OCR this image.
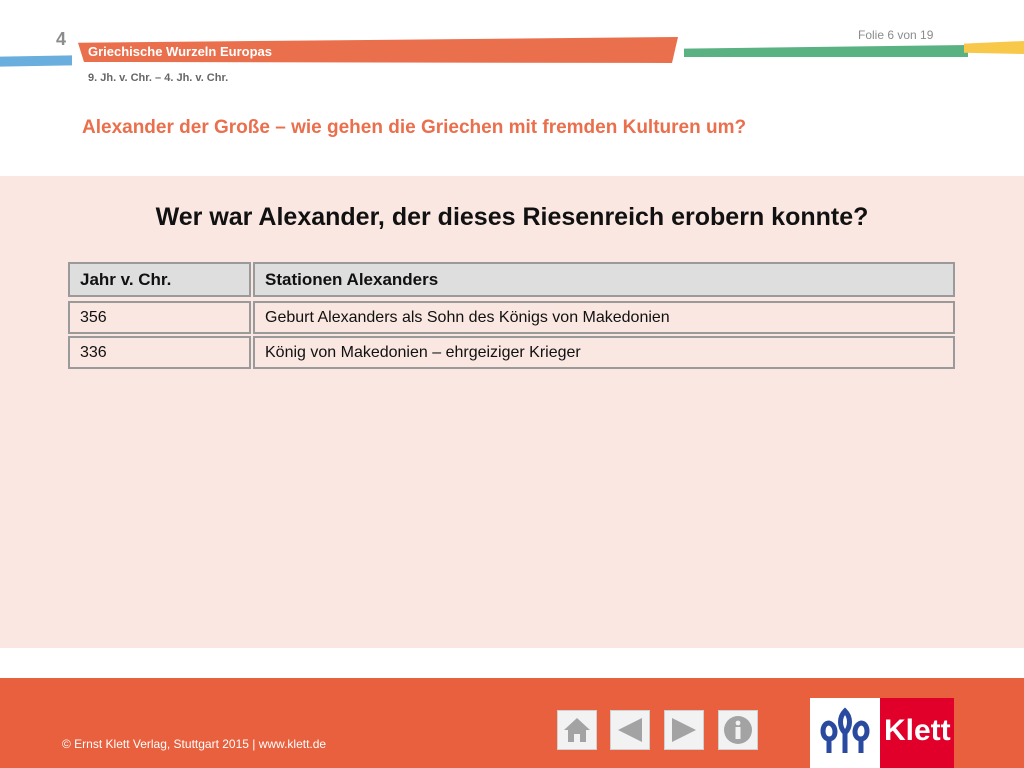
4
Griechische Wurzeln Europas
9. Jh. v. Chr. – 4. Jh. v. Chr.
Folie 6 von 19
Alexander der Große – wie gehen die Griechen mit fremden Kulturen um?
Wer war Alexander, der dieses Riesenreich erobern konnte?
Jahr v. Chr.	Stationen Alexanders
356	Geburt Alexanders als Sohn des Königs von Makedonien
336	König von Makedonien – ehrgeiziger Krieger
© Ernst Klett Verlag, Stuttgart 2015 | www.klett.de	Klett
